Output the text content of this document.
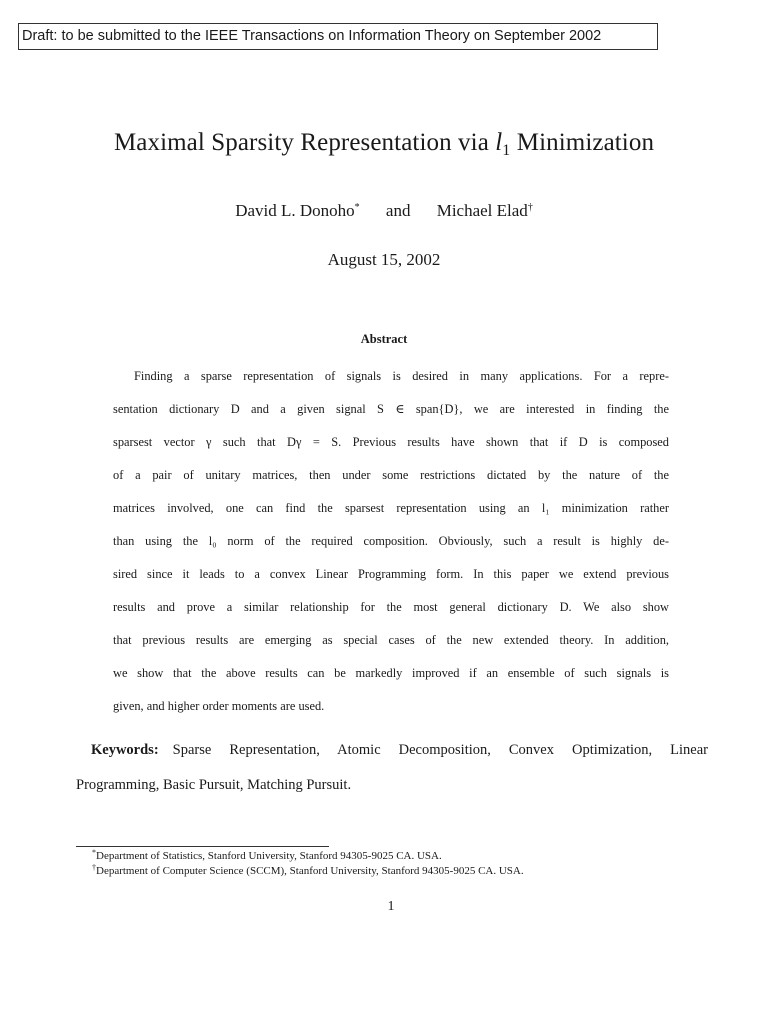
Draft: to be submitted to the IEEE Transactions on Information Theory on September 2002
Maximal Sparsity Representation via $l_1$ Minimization
David L. Donoho* and Michael Elad†
August 15, 2002
Abstract
Finding a sparse representation of signals is desired in many applications. For a repre-
sentation dictionary D and a given signal S ∈ span{D}, we are interested in finding the
sparsest vector γ such that Dγ = S. Previous results have shown that if D is composed
of a pair of unitary matrices, then under some restrictions dictated by the nature of the
matrices involved, one can find the sparsest representation using an l₁ minimization rather
than using the l₀ norm of the required composition. Obviously, such a result is highly de-
sired since it leads to a convex Linear Programming form. In this paper we extend previous
results and prove a similar relationship for the most general dictionary D. We also show
that previous results are emerging as special cases of the new extended theory. In addition,
we show that the above results can be markedly improved if an ensemble of such signals is
given, and higher order moments are used.
Keywords: Sparse Representation, Atomic Decomposition, Convex Optimization, Linear
Programming, Basic Pursuit, Matching Pursuit.
*Department of Statistics, Stanford University, Stanford 94305-9025 CA. USA.
†Department of Computer Science (SCCM), Stanford University, Stanford 94305-9025 CA. USA.
1
